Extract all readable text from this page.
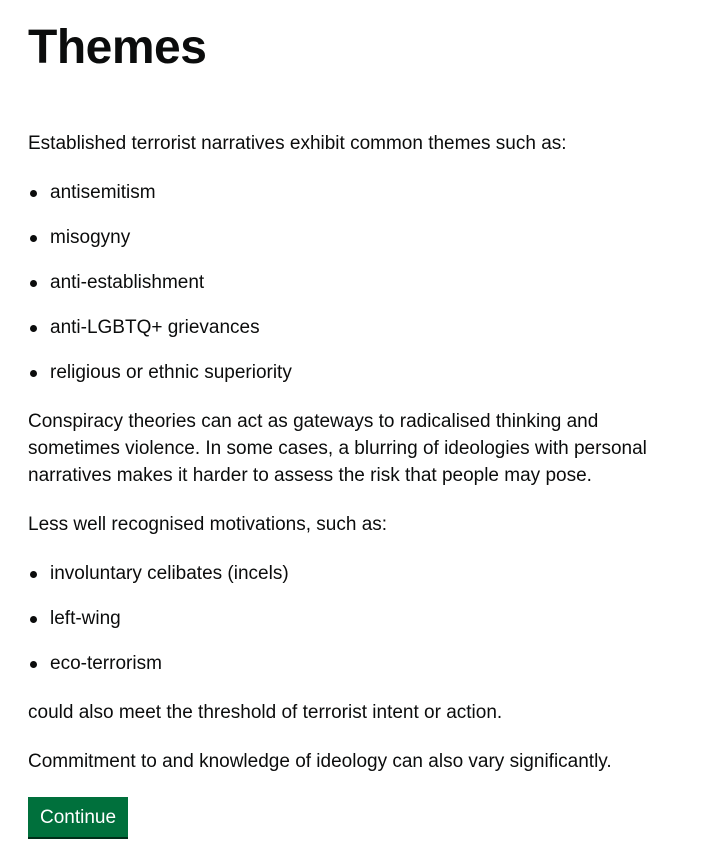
Themes

Established terrorist narratives exhibit common themes such as:

antisemitism
misogyny
anti-establishment
anti-LGBTQ+ grievances
religious or ethnic superiority

Conspiracy theories can act as gateways to radicalised thinking and sometimes violence. In some cases, a blurring of ideologies with personal narratives makes it harder to assess the risk that people may pose.

Less well recognised motivations, such as:

involuntary celibates (incels)
left-wing
eco-terrorism

could also meet the threshold of terrorist intent or action.

Commitment to and knowledge of ideology can also vary significantly.

Continue
